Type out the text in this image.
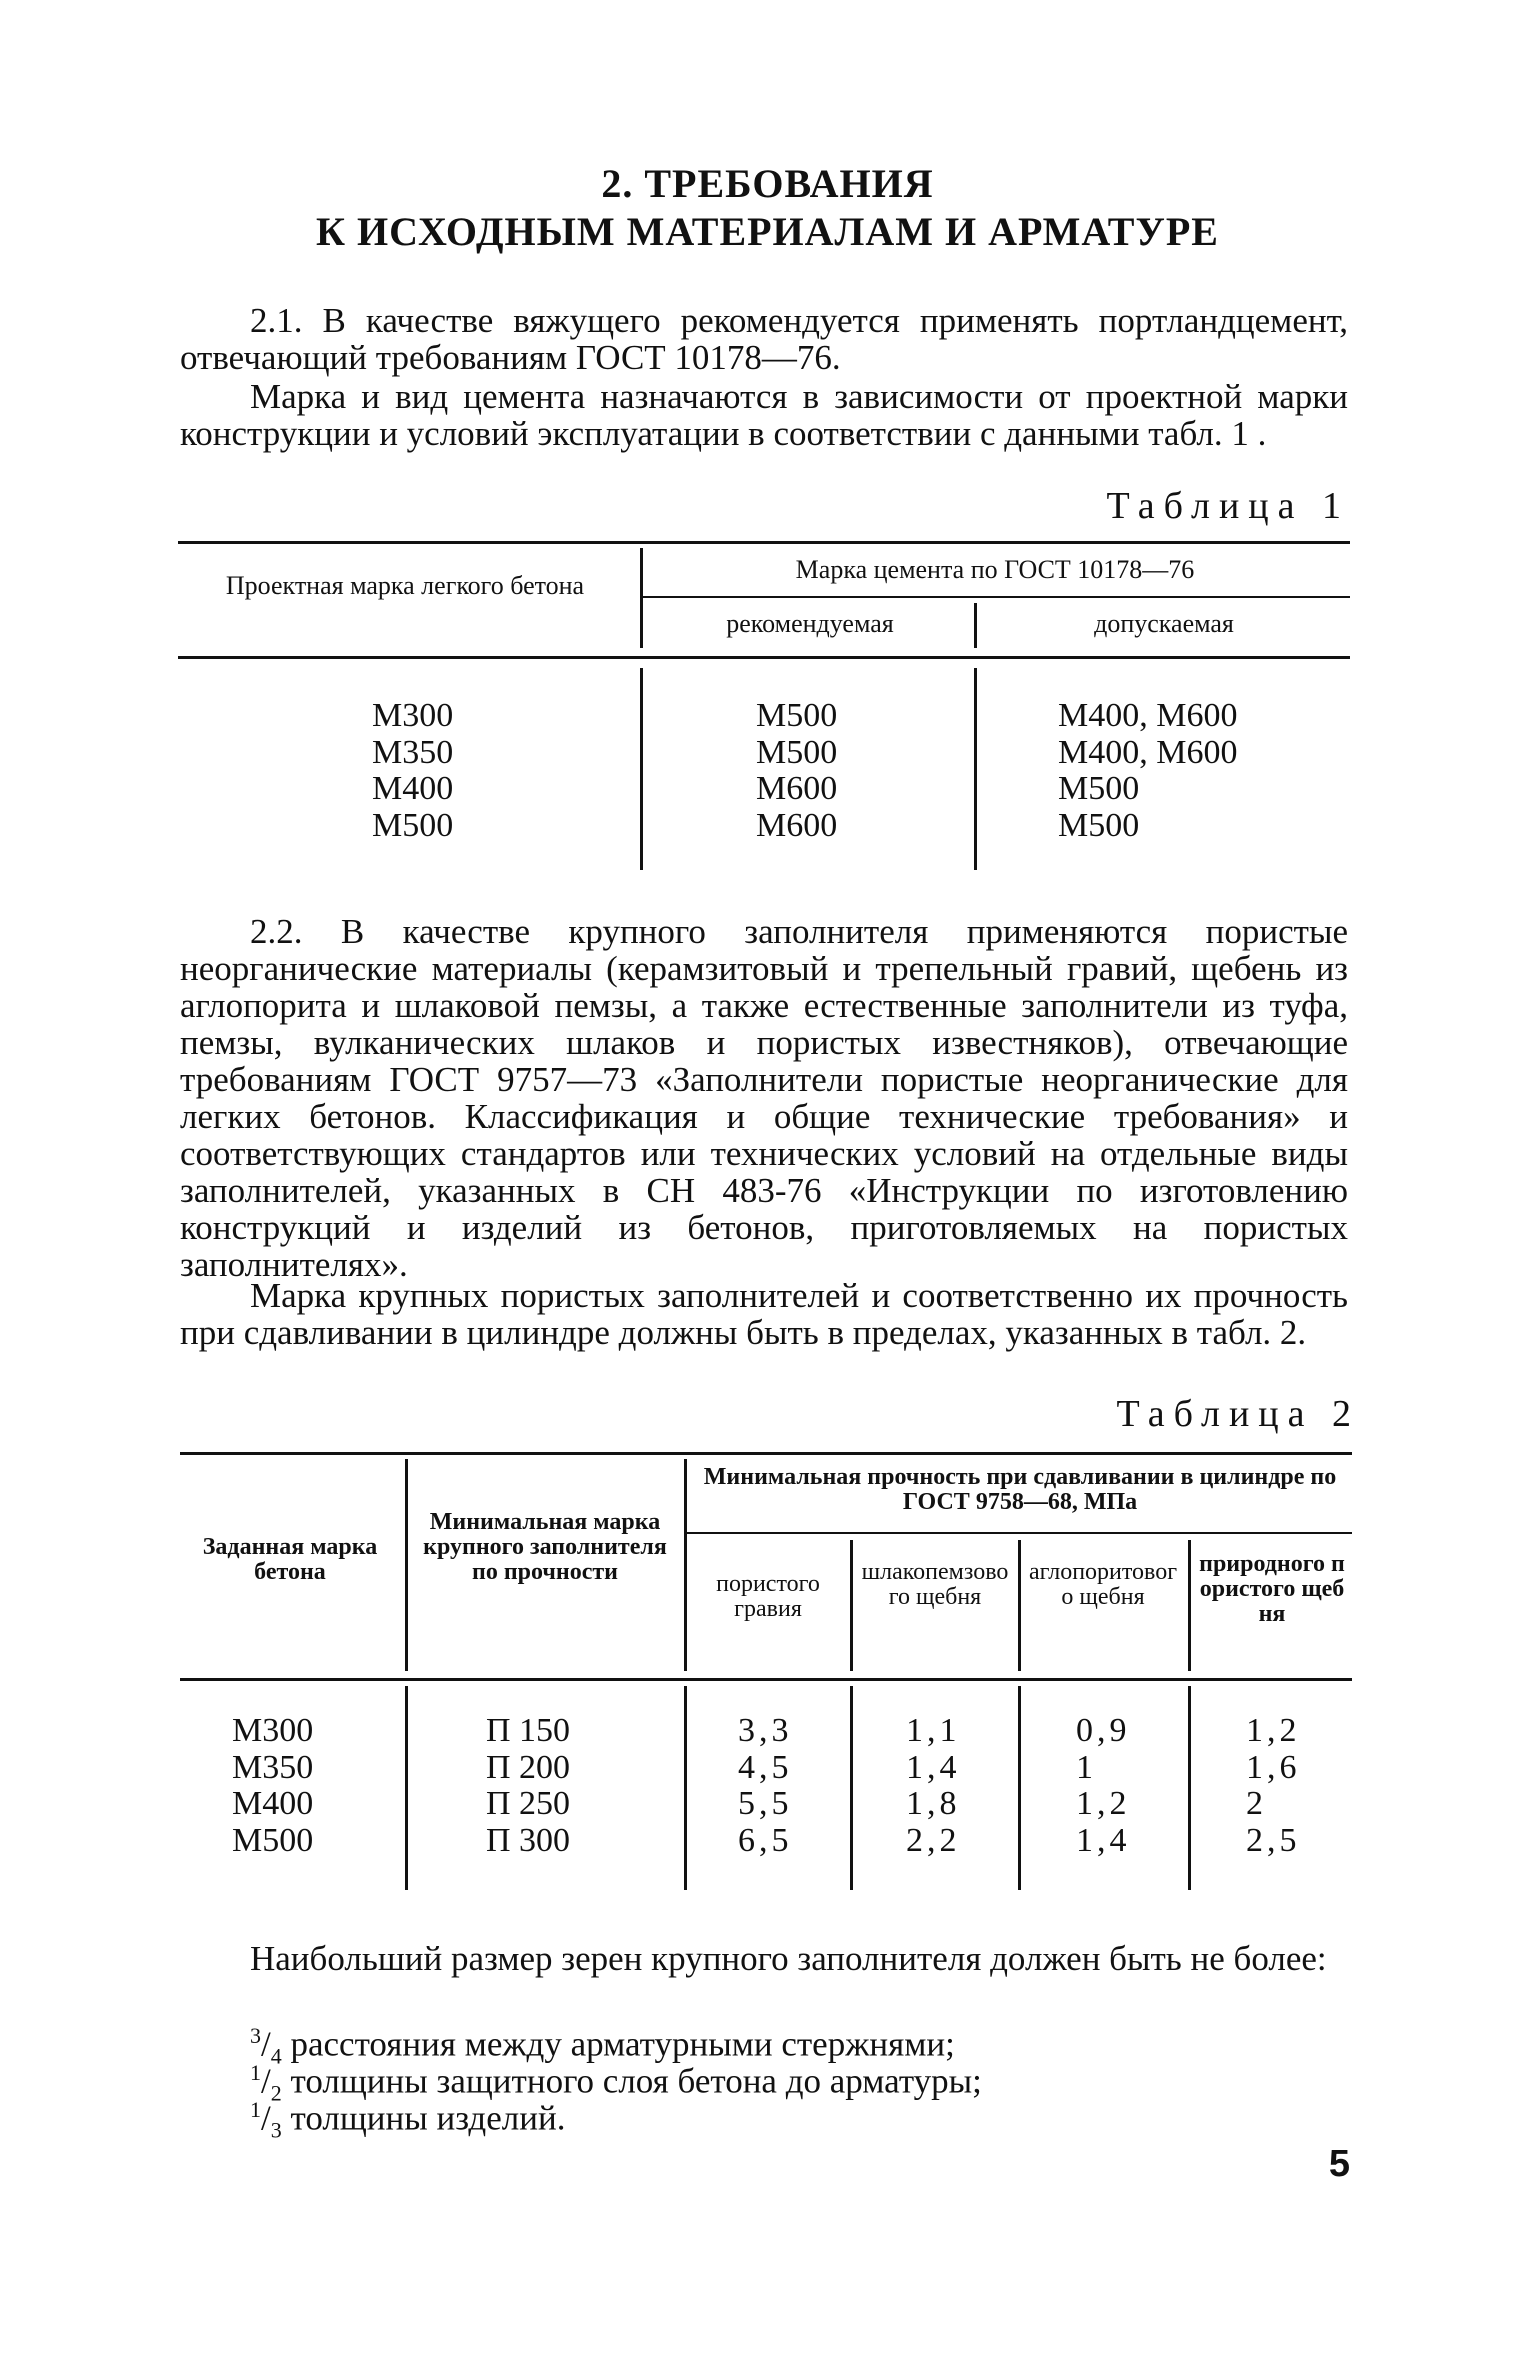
2. ТРЕБОВАНИЯ
К ИСХОДНЫМ МАТЕРИАЛАМ И АРМАТУРЕ

2.1. В качестве вяжущего рекомендуется применять портландцемент, отвечающий требованиям ГОСТ 10178—76.

Марка и вид цемента назначаются в зависимости от проектной марки конструкции и условий эксплуатации в соответствии с данными табл. 1 .

Таблица 1
Проектная марка легкого бетона
Марка цемента по ГОСТ 10178—76
рекомендуемая	допускаемая
М300
М350
М400
М500
М500
М500
М600
М600
М400, М600
М400, М600
М500
М500

2.2. В качестве крупного заполнителя применяются пористые неорганические материалы (керамзитовый и трепельный гравий, щебень из аглопорита и шлаковой пемзы, а также естественные заполнители из туфа, пемзы, вулканических шлаков и пористых известняков), отвечающие требованиям ГОСТ 9757—73 «Заполнители пористые неорганические для легких бетонов. Классификация и общие технические требования» и соответствующих стандартов или технических условий на отдельные виды заполнителей, указанных в СН 483-76 «Инструкции по изготовлению конструкций и изделий из бетонов, приготовляемых на пористых заполнителях».

Марка крупных пористых заполнителей и соответственно их прочность при сдавливании в цилиндре должны быть в пределах, указанных в табл. 2.

Таблица 2
Заданная марка бетона
Минимальная марка крупного заполнителя по прочности
Минимальная прочность при сдавливании в цилиндре по ГОСТ 9758—68, МПа
пористого гравия
шлакопемзового щебня
аглопоритового щебня
природного пористого щебня
М300
М350
М400
М500
П 150
П 200
П 250
П 300
3,3
4,5
5,5
6,5
1,1
1,4
1,8
2,2
0,9
1
1,2
1,4
1,2
1,6
2
2,5

Наибольший размер зерен крупного заполнителя должен быть не более:

$^3/_4$ расстояния между арматурными стержнями;
$^1/_2$ толщины защитного слоя бетона до арматуры;
$^1/_3$ толщины изделий.
5
